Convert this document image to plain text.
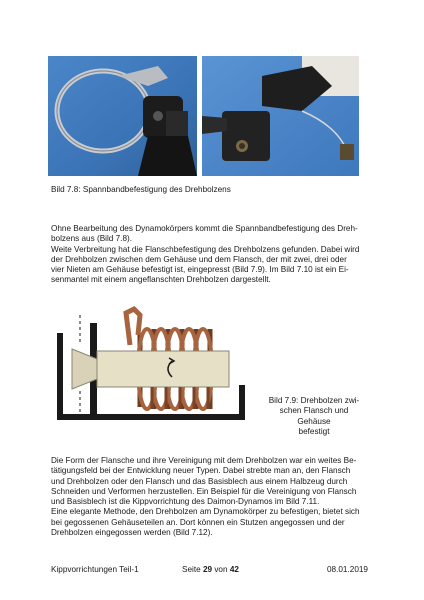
Bild 7.8: Spannbandbefestigung des Drehbolzens

Ohne Bearbeitung des Dynamokörpers kommt die Spannbandbefestigung des Dreh-

bolzens aus (Bild 7.8).

Weite Verbreitung hat die Flanschbefestigung des Drehbolzens gefunden. Dabei wird

der Drehbolzen zwischen dem Gehäuse und dem Flansch, der mit zwei, drei oder

vier Nieten am Gehäuse befestigt ist, eingepresst (Bild 7.9). Im Bild 7.10 ist ein Ei-

senmantel mit einem angeflanschten Drehbolzen dargestellt.

Bild 7.9: Drehbolzen zwi-
schen Flansch und Gehäuse
befestigt

Die Form der Flansche und ihre Vereinigung mit dem Drehbolzen war ein weites Be-

tätigungsfeld bei der Entwicklung neuer Typen. Dabei strebte man an, den Flansch

und Drehbolzen oder den Flansch und das Basisblech aus einem Halbzeug durch

Schneiden und Verformen herzustellen. Ein Beispiel für die Vereinigung von Flansch

und Basisblech ist die Kippvorrichtung des Daimon-Dynamos im Bild 7.11.

Eine elegante Methode, den Drehbolzen am Dynamokörper zu befestigen, bietet sich

bei gegossenen Gehäuseteilen an. Dort können ein Stutzen angegossen und der

Drehbolzen eingegossen werden (Bild 7.12).

Kippvorrichtungen Teil-1	Seite 29 von 42	08.01.2019
